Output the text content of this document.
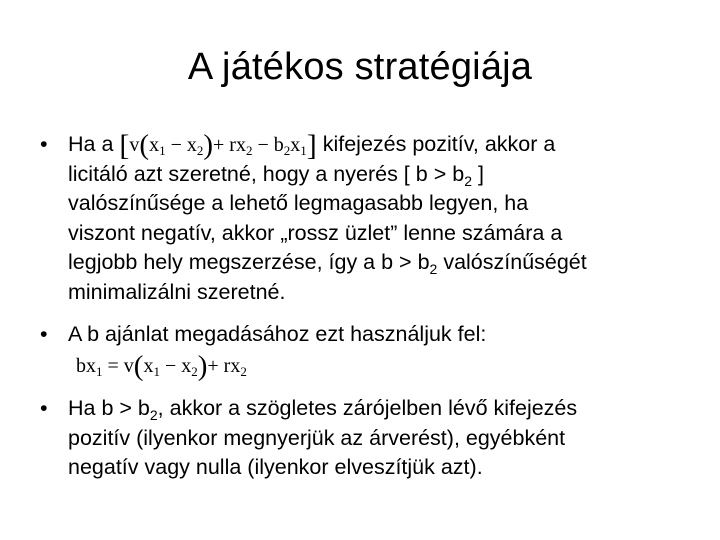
A játékos stratégiája
• Ha a $[v(x_1 - x_2)+ rx_2 - b_2x_1]$ kifejezés pozitív, akkor a
licitáló azt szeretné, hogy a nyerés [ $b > b_2$ ]
valószínűsége a lehető legmagasabb legyen, ha
viszont negatív, akkor „rossz üzlet” lenne számára a
legjobb hely megszerzése, így a $b > b_2$ valószínűségét
minimalizálni szeretné.
• A b ajánlat megadásához ezt használjuk fel:
$bx_1 = v(x_1 - x_2)+ rx_2$
• Ha $b > b_2$, akkor a szögletes zárójelben lévő kifejezés
pozitív (ilyenkor megnyerjük az árverést), egyébként
negatív vagy nulla (ilyenkor elveszítjük azt).
